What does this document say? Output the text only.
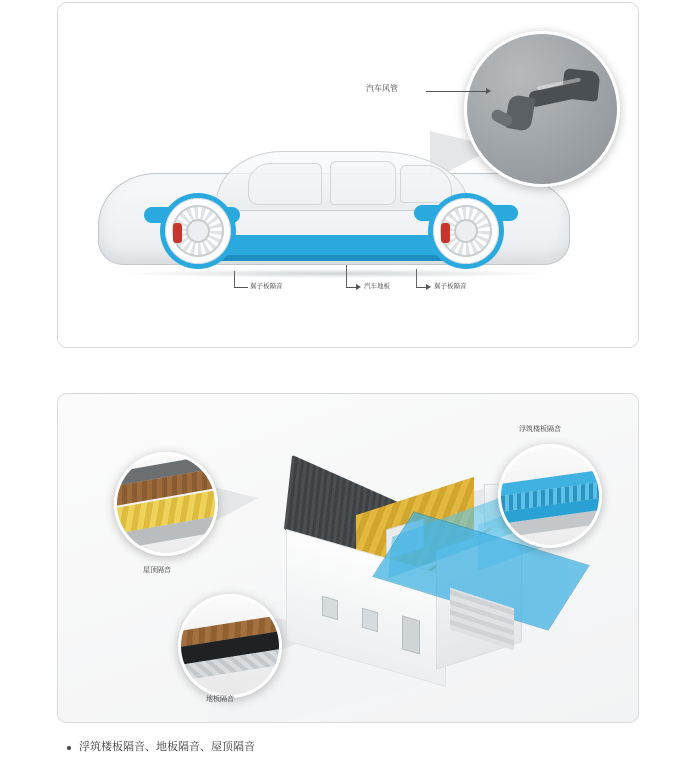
汽车风管
翼子板隔音	汽车地板	翼子板隔音
浮筑楼板隔音
屋顶隔音
地板隔音
浮筑楼板隔音、地板隔音、屋顶隔音
